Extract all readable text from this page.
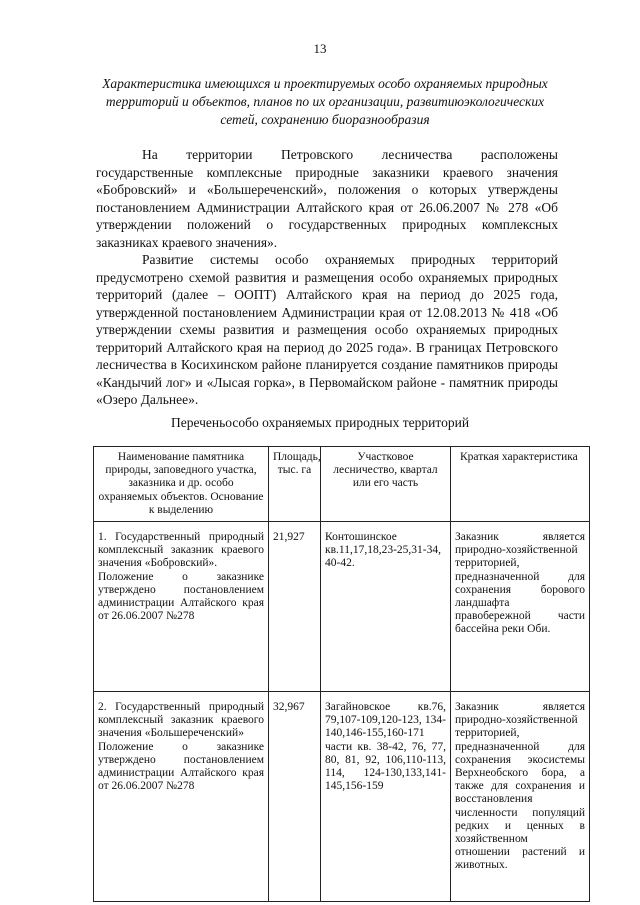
13
Характеристика имеющихся и проектируемых особо охраняемых природных территорий и объектов, планов по их организации, развитиюэкологических сетей, сохранению биоразнообразия

На территории Петровского лесничества расположены государственные комплексные природные заказники краевого значения «Бобровский» и «Большереченский», положения о которых утверждены постановлением Администрации Алтайского края от 26.06.2007 № 278 «Об утверждении положений о государственных природных комплексных заказниках краевого значения».

Развитие системы особо охраняемых природных территорий предусмотрено схемой развития и размещения особо охраняемых природных территорий (далее – ООПТ) Алтайского края на период до 2025 года, утвержденной постановлением Администрации края от 12.08.2013 № 418 «Об утверждении схемы развития и размещения особо охраняемых природных территорий Алтайского края на период до 2025 года». В границах Петровского лесничества в Косихинском районе планируется создание памятников природы «Кандычий лог» и «Лысая горка», в Первомайском районе - памятник природы «Озеро Дальнее».

Переченьособо охраняемых природных территорий
Наименование памятника природы, заповедного участка, заказника и др. особо охраняемых объектов. Основание к выделению	Площадь, тыс. га	Участковое лесничество, квартал или его часть	Краткая характеристика

1. Государственный природный комплексный заказник краевого значения «Бобровский».
Положение о заказнике утверждено постановлением администрации Алтайского края от 26.06.2007 №278	21,927	Контошинское кв.11,17,18,23-25,31-34, 40-42.	Заказник является природно-хозяйственной территорией, предназначенной для сохранения борового ландшафта правобережной части бассейна реки Оби.

2. Государственный природный комплексный заказник краевого значения «Большереченский»
Положение о заказнике утверждено постановлением администрации Алтайского края от 26.06.2007 №278	32,967	Загайновское кв.76, 79,107-109,120-123, 134-140,146-155,160-171
части кв. 38-42, 76, 77, 80, 81, 92, 106,110-113, 114, 124-130,133,141-145,156-159	Заказник является природно-хозяйственной территорией, предназначенной для сохранения экосистемы Верхнеобского бора, а также для сохранения и восстановления численности популяций редких и ценных в хозяйственном отношении растений и животных.
